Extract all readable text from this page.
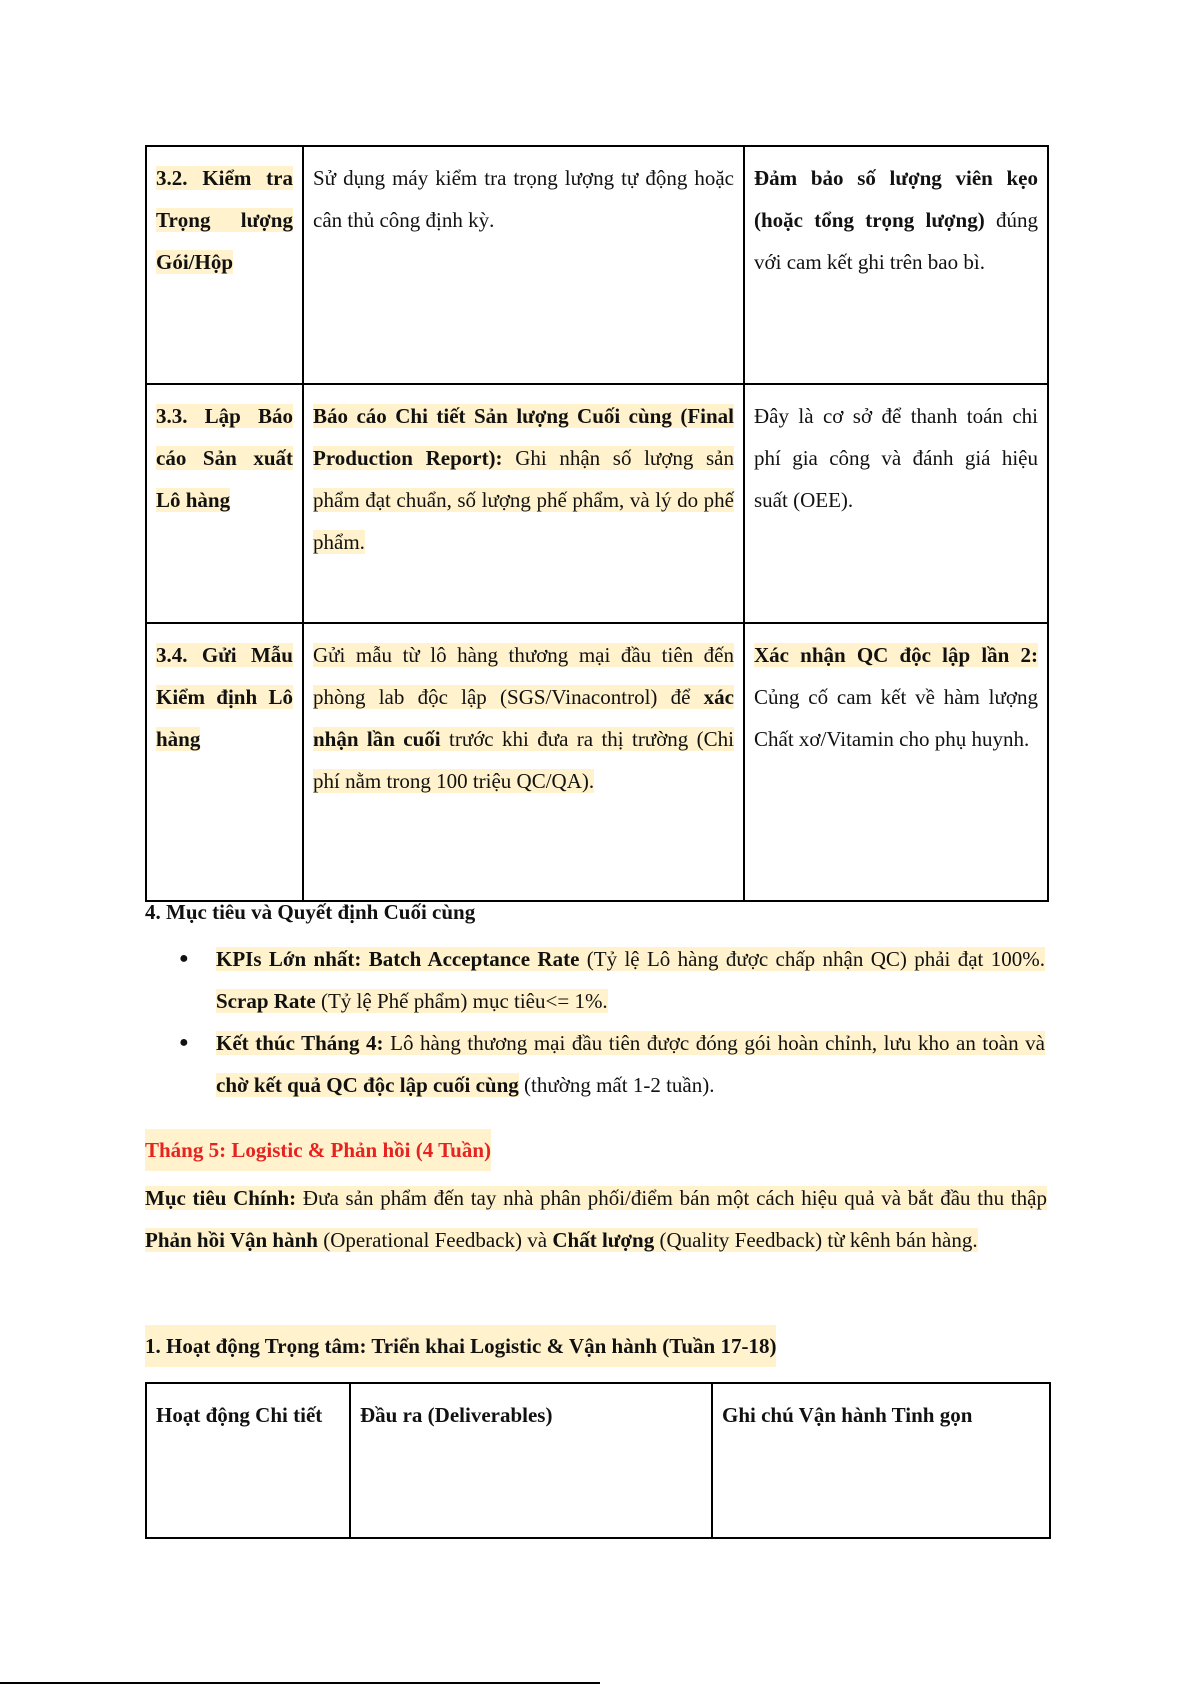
3.2. Kiểm tra Trọng lượng Gói/Hộp	Sử dụng máy kiểm tra trọng lượng tự động hoặc cân thủ công định kỳ.	Đảm bảo số lượng viên kẹo (hoặc tổng trọng lượng) đúng với cam kết ghi trên bao bì.
3.3. Lập Báo cáo Sản xuất Lô hàng	Báo cáo Chi tiết Sản lượng Cuối cùng (Final Production Report): Ghi nhận số lượng sản phẩm đạt chuẩn, số lượng phế phẩm, và lý do phế phẩm.	Đây là cơ sở để thanh toán chi phí gia công và đánh giá hiệu suất (OEE).
3.4. Gửi Mẫu Kiểm định Lô hàng	Gửi mẫu từ lô hàng thương mại đầu tiên đến phòng lab độc lập (SGS/Vinacontrol) để xác nhận lần cuối trước khi đưa ra thị trường (Chi phí nằm trong 100 triệu QC/QA).	Xác nhận QC độc lập lần 2: Củng cố cam kết về hàm lượng Chất xơ/Vitamin cho phụ huynh.
4. Mục tiêu và Quyết định Cuối cùng
● KPIs Lớn nhất: Batch Acceptance Rate (Tỷ lệ Lô hàng được chấp nhận QC) phải đạt 100%. Scrap Rate (Tỷ lệ Phế phẩm) mục tiêu<= 1%.
● Kết thúc Tháng 4: Lô hàng thương mại đầu tiên được đóng gói hoàn chỉnh, lưu kho an toàn và chờ kết quả QC độc lập cuối cùng (thường mất 1-2 tuần).
Tháng 5: Logistic & Phản hồi (4 Tuần)
Mục tiêu Chính: Đưa sản phẩm đến tay nhà phân phối/điểm bán một cách hiệu quả và bắt đầu thu thập Phản hồi Vận hành (Operational Feedback) và Chất lượng (Quality Feedback) từ kênh bán hàng.
1. Hoạt động Trọng tâm: Triển khai Logistic & Vận hành (Tuần 17-18)
Hoạt động Chi tiết	Đầu ra (Deliverables)	Ghi chú Vận hành Tinh gọn
